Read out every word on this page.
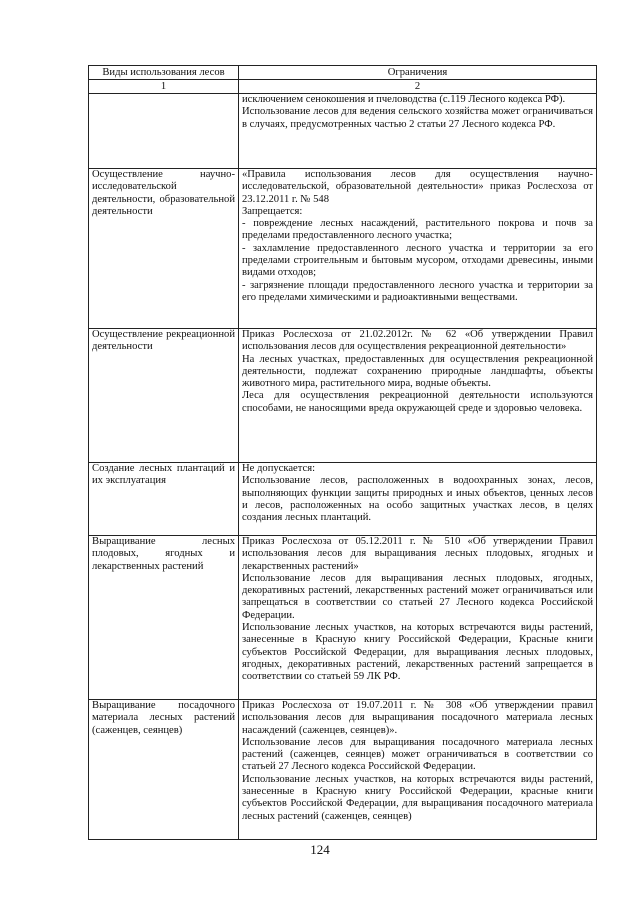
Виды использования лесов	Ограничения
1	2

	исключением сенокошения и пчеловодства (с.119 Лесного кодекса РФ).

Использование лесов для ведения сельского хозяйства может ограничиваться в случаях, предусмотренных частью 2 статьи 27 Лесного кодекса РФ.

Осуществление научно-исследовательской деятельности, образовательной деятельности	«Правила использования лесов для осуществления научно-исследовательской, образовательной деятельности» приказ Рослесхоза от 23.12.2011 г. № 548

Запрещается:

- повреждение лесных насаждений, растительного покрова и почв за пределами предоставленного лесного участка;

- захламление предоставленного лесного участка и территории за его пределами строительным и бытовым мусором, отходами древесины, иными видами отходов;

- загрязнение площади предоставленного лесного участка и территории за его пределами химическими и радиоактивными веществами.

Осуществление рекреационной деятельности	Приказ Рослесхоза от 21.02.2012г. № 62 «Об утверждении Правил использования лесов для осуществления рекреационной деятельности»

На лесных участках, предоставленных для осуществления рекреационной деятельности, подлежат сохранению природные ландшафты, объекты животного мира, растительного мира, водные объекты.

Леса для осуществления рекреационной деятельности используются способами, не наносящими вреда окружающей среде и здоровью человека.

Создание лесных плантаций и их эксплуатация	Не допускается:

Использование лесов, расположенных в водоохранных зонах, лесов, выполняющих функции защиты природных и иных объектов, ценных лесов и лесов, расположенных на особо защитных участках лесов, в целях создания лесных плантаций.

Выращивание лесных плодовых, ягодных и лекарственных растений	Приказ Рослесхоза от 05.12.2011 г. № 510 «Об утверждении Правил использования лесов для выращивания лесных плодовых, ягодных и лекарственных растений»

Использование лесов для выращивания лесных плодовых, ягодных, декоративных растений, лекарственных растений может ограничиваться или запрещаться в соответствии со статьей 27 Лесного кодекса Российской Федерации.

Использование лесных участков, на которых встречаются виды растений, занесенные в Красную книгу Российской Федерации, Красные книги субъектов Российской Федерации, для выращивания лесных плодовых, ягодных, декоративных растений, лекарственных растений запрещается в соответствии со статьей 59 ЛК РФ.

Выращивание посадочного материала лесных растений (саженцев, сеянцев)	Приказ Рослесхоза от 19.07.2011 г. № 308 «Об утверждении правил использования лесов для выращивания посадочного материала лесных насаждений (саженцев, сеянцев)».

Использование лесов для выращивания посадочного материала лесных растений (саженцев, сеянцев) может ограничиваться в соответствии со статьей 27 Лесного кодекса Российской Федерации.

Использование лесных участков, на которых встречаются виды растений, занесенные в Красную книгу Российской Федерации, красные книги субъектов Российской Федерации, для выращивания посадочного материала лесных растений (саженцев, сеянцев)

124
